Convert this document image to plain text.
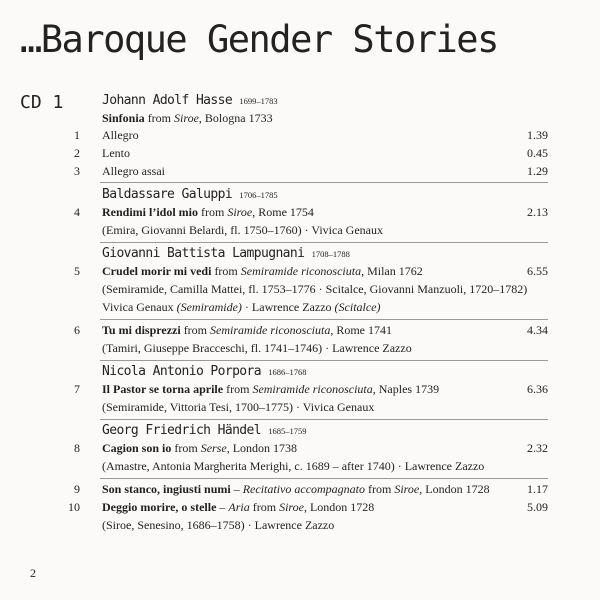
…Baroque Gender Stories
CD 1	Johann Adolf Hasse 1699–1783
Sinfonia from Siroe, Bologna 1733
1 Allegro	1.39
2 Lento	0.45
3 Allegro assai	1.29
Baldassare Galuppi 1706–1785
4 Rendimi l’idol mio from Siroe, Rome 1754	2.13
(Emira, Giovanni Belardi, fl. 1750–1760) · Vivica Genaux
Giovanni Battista Lampugnani 1708–1788
5 Crudel morir mi vedi from Semiramide riconosciuta, Milan 1762	6.55
(Semiramide, Camilla Mattei, fl. 1753–1776 · Scitalce, Giovanni Manzuoli, 1720–1782)
Vivica Genaux (Semiramide) · Lawrence Zazzo (Scitalce)
6 Tu mi disprezzi from Semiramide riconosciuta, Rome 1741	4.34
(Tamiri, Giuseppe Bracceschi, fl. 1741–1746) · Lawrence Zazzo
Nicola Antonio Porpora 1686–1768
7 Il Pastor se torna aprile from Semiramide riconosciuta, Naples 1739	6.36
(Semiramide, Vittoria Tesi, 1700–1775) · Vivica Genaux
Georg Friedrich Händel 1685–1759
8 Cagion son io from Serse, London 1738	2.32
(Amastre, Antonia Margherita Merighi, c. 1689 – after 1740) · Lawrence Zazzo
9 Son stanco, ingiusti numi – Recitativo accompagnato from Siroe, London 1728	1.17
10 Deggio morire, o stelle – Aria from Siroe, London 1728	5.09
(Siroe, Senesino, 1686–1758) · Lawrence Zazzo
2
